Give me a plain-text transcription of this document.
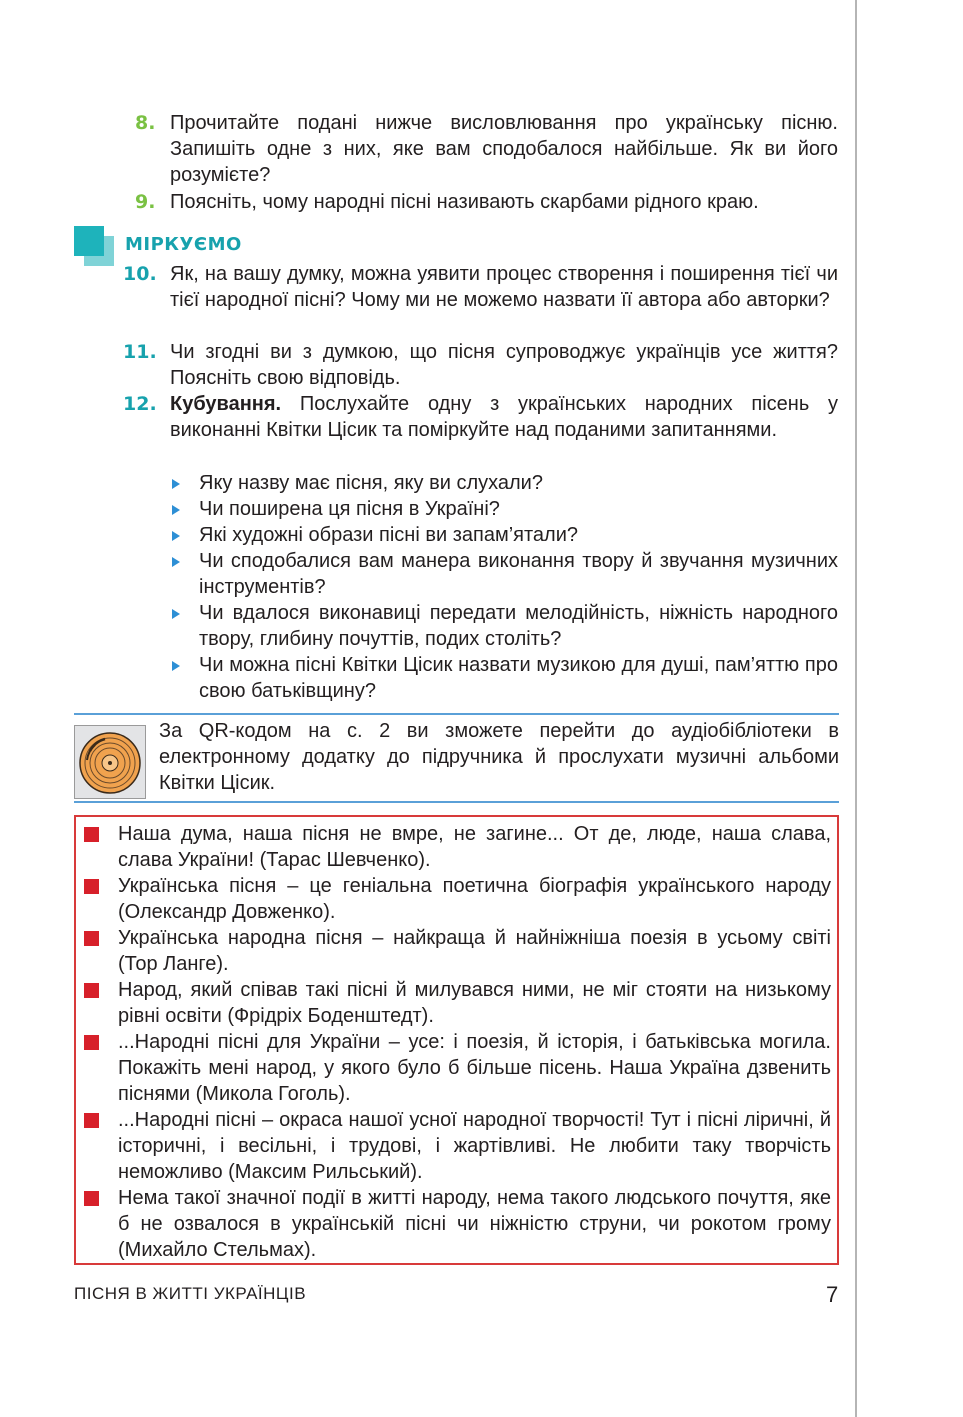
8. Прочитайте подані нижче висловлювання про українську пісню. Запишіть одне з них, яке вам сподобалося найбільше. Як ви його розумієте?
9. Поясніть, чому народні пісні називають скарбами рідного краю.
МІРКУЄМО
10. Як, на вашу думку, можна уявити процес створення і поширення тієї чи тієї народної пісні? Чому ми не можемо назвати її автора або авторки?
11. Чи згодні ви з думкою, що пісня супроводжує українців усе життя? Поясніть свою відповідь.
12. Кубування. Послухайте одну з українських народних пісень у виконанні Квітки Цісик та поміркуйте над поданими запитаннями.
Яку назву має пісня, яку ви слухали?
Чи поширена ця пісня в Україні?
Які художні образи пісні ви запам’ятали?
Чи сподобалися вам манера виконання твору й звучання музичних інструментів?
Чи вдалося виконавиці передати мелодійність, ніжність народного твору, глибину почуттів, подих століть?
Чи можна пісні Квітки Цісик назвати музикою для душі, пам’яттю про свою батьківщину?
За QR-кодом на с. 2 ви зможете перейти до аудіобібліотеки в електронному додатку до підручника й прослухати музичні альбоми Квітки Цісик.
Наша дума, наша пісня не вмре, не загине... От де, люде, наша слава, слава України! (Тарас Шевченко).
Українська пісня – це геніальна поетична біографія українського народу (Олександр Довженко).
Українська народна пісня – найкраща й найніжніша поезія в усьому світі (Тор Ланге).
Народ, який співав такі пісні й милувався ними, не міг стояти на низькому рівні освіти (Фрідріх Боденштедт).
...Народні пісні для України – усе: і поезія, й історія, і батьківська могила. Покажіть мені народ, у якого було б більше пісень. Наша Україна дзвенить піснями (Микола Гоголь).
...Народні пісні – окраса нашої усної народної творчості! Тут і пісні ліричні, й історичні, і весільні, і трудові, і жартівливі. Не любити таку творчість неможливо (Максим Рильський).
Нема такої значної події в житті народу, нема такого людського почуття, яке б не озвалося в українській пісні чи ніжністю струни, чи рокотом грому (Михайло Стельмах).
ПІСНЯ В ЖИТТІ УКРАЇНЦІВ	7
